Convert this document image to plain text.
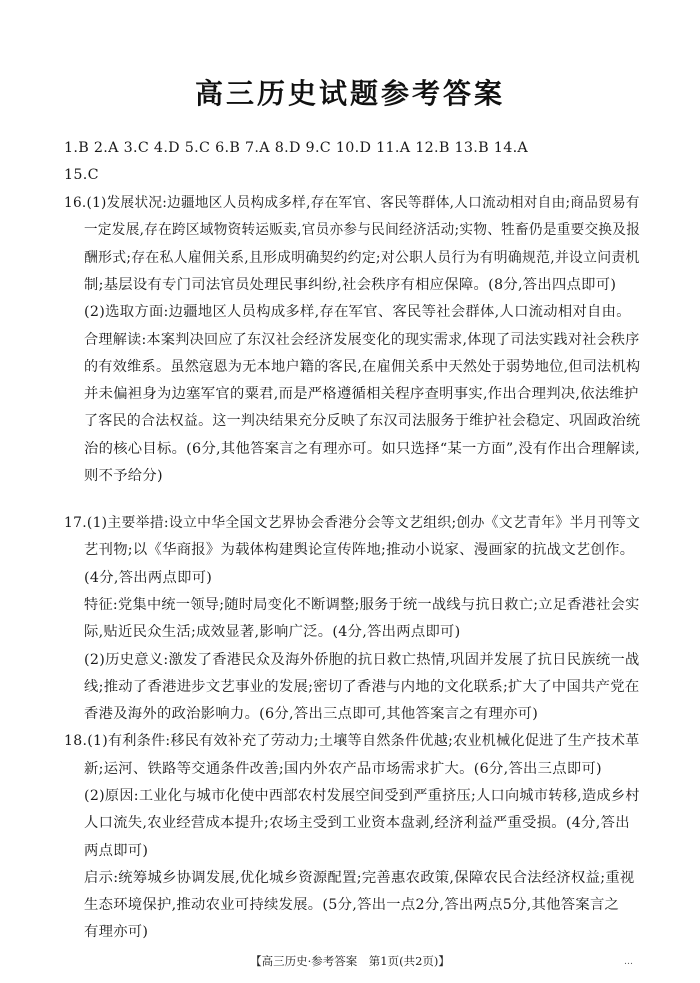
高三历史试题参考答案
1.B 2.A 3.C 4.D 5.C 6.B 7.A 8.D 9.C 10.D 11.A 12.B 13.B 14.A
15.C
16.(1)发展状况:边疆地区人员构成多样,存在军官、客民等群体,人口流动相对自由;商品贸易有
一定发展,存在跨区域物资转运贩卖,官员亦参与民间经济活动;实物、牲畜仍是重要交换及报
酬形式;存在私人雇佣关系,且形成明确契约约定;对公职人员行为有明确规范,并设立问责机
制;基层设有专门司法官员处理民事纠纷,社会秩序有相应保障。(8分,答出四点即可)
(2)选取方面:边疆地区人员构成多样,存在军官、客民等社会群体,人口流动相对自由。
合理解读:本案判决回应了东汉社会经济发展变化的现实需求,体现了司法实践对社会秩序
的有效维系。虽然寇恩为无本地户籍的客民,在雇佣关系中天然处于弱势地位,但司法机构
并未偏袒身为边塞军官的粟君,而是严格遵循相关程序查明事实,作出合理判决,依法维护
了客民的合法权益。这一判决结果充分反映了东汉司法服务于维护社会稳定、巩固政治统
治的核心目标。(6分,其他答案言之有理亦可。如只选择“某一方面”,没有作出合理解读,
则不予给分)
17.(1)主要举措:设立中华全国文艺界协会香港分会等文艺组织;创办《文艺青年》半月刊等文
艺刊物;以《华商报》为载体构建舆论宣传阵地;推动小说家、漫画家的抗战文艺创作。
(4分,答出两点即可)
特征:党集中统一领导;随时局变化不断调整;服务于统一战线与抗日救亡;立足香港社会实
际,贴近民众生活;成效显著,影响广泛。(4分,答出两点即可)
(2)历史意义:激发了香港民众及海外侨胞的抗日救亡热情,巩固并发展了抗日民族统一战
线;推动了香港进步文艺事业的发展;密切了香港与内地的文化联系;扩大了中国共产党在
香港及海外的政治影响力。(6分,答出三点即可,其他答案言之有理亦可)
18.(1)有利条件:移民有效补充了劳动力;土壤等自然条件优越;农业机械化促进了生产技术革
新;运河、铁路等交通条件改善;国内外农产品市场需求扩大。(6分,答出三点即可)
(2)原因:工业化与城市化使中西部农村发展空间受到严重挤压;人口向城市转移,造成乡村
人口流失,农业经营成本提升;农场主受到工业资本盘剥,经济利益严重受损。(4分,答出
两点即可)
启示:统筹城乡协调发展,优化城乡资源配置;完善惠农政策,保障农民合法经济权益;重视
生态环境保护,推动农业可持续发展。(5分,答出一点2分,答出两点5分,其他答案言之
有理亦可)
【高三历史·参考答案　第1页(共2页)】	…
